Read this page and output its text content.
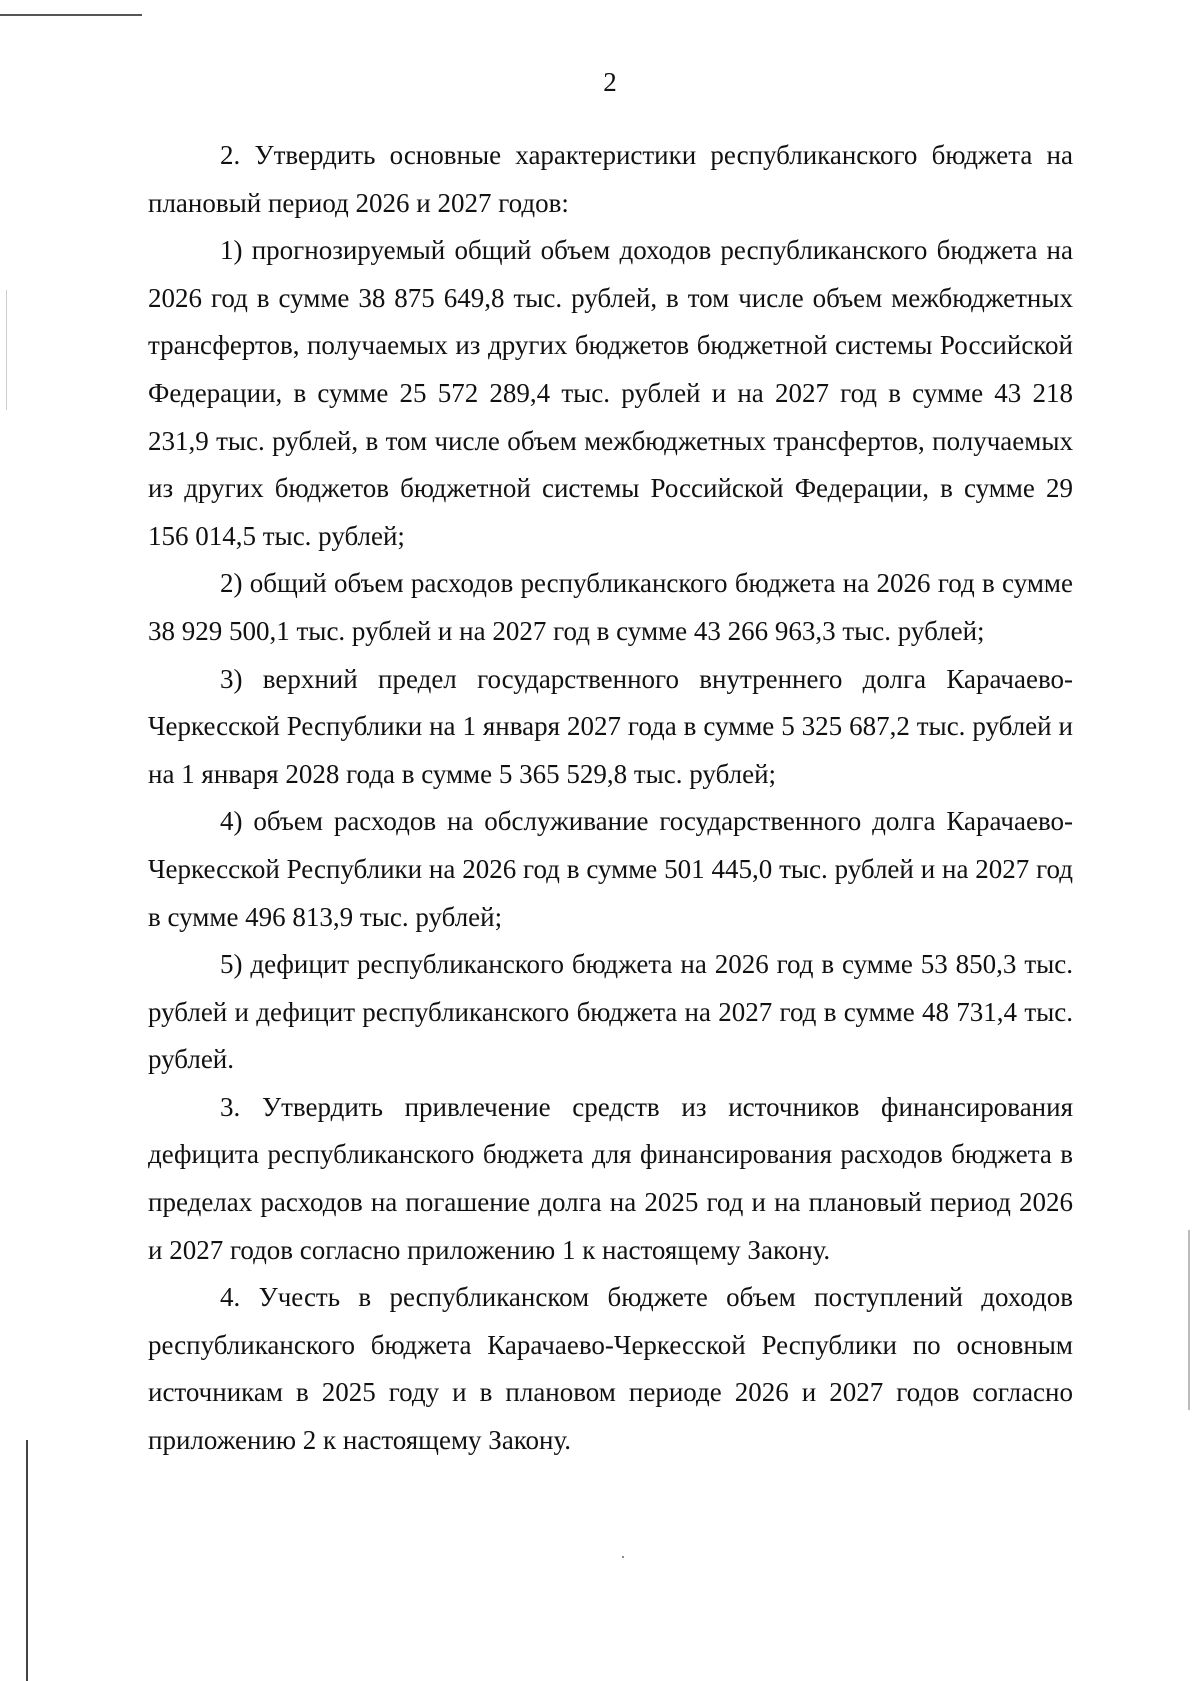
2

2. Утвердить основные характеристики республиканского бюджета на плановый период 2026 и 2027 годов:

1) прогнозируемый общий объем доходов республиканского бюджета на 2026 год в сумме 38 875 649,8 тыс. рублей, в том числе объем межбюджетных трансфертов, получаемых из других бюджетов бюджетной системы Российской Федерации, в сумме 25 572 289,4 тыс. рублей и на 2027 год в сумме 43 218 231,9 тыс. рублей, в том числе объем межбюджетных трансфертов, получаемых из других бюджетов бюджетной системы Российской Федерации, в сумме 29 156 014,5 тыс. рублей;

2) общий объем расходов республиканского бюджета на 2026 год в сумме 38 929 500,1 тыс. рублей и на 2027 год в сумме 43 266 963,3 тыс. рублей;

3) верхний предел государственного внутреннего долга Карачаево-Черкесской Республики на 1 января 2027 года в сумме 5 325 687,2 тыс. рублей и на 1 января 2028 года в сумме 5 365 529,8 тыс. рублей;

4) объем расходов на обслуживание государственного долга Карачаево-Черкесской Республики на 2026 год в сумме 501 445,0 тыс. рублей и на 2027 год в сумме 496 813,9 тыс. рублей;

5) дефицит республиканского бюджета на 2026 год в сумме 53 850,3 тыс. рублей и дефицит республиканского бюджета на 2027 год в сумме 48 731,4 тыс. рублей.

3. Утвердить привлечение средств из источников финансирования дефицита республиканского бюджета для финансирования расходов бюджета в пределах расходов на погашение долга на 2025 год и на плановый период 2026 и 2027 годов согласно приложению 1 к настоящему Закону.

4. Учесть в республиканском бюджете объем поступлений доходов республиканского бюджета Карачаево-Черкесской Республики по основным источникам в 2025 году и в плановом периоде 2026 и 2027 годов согласно приложению 2 к настоящему Закону.
